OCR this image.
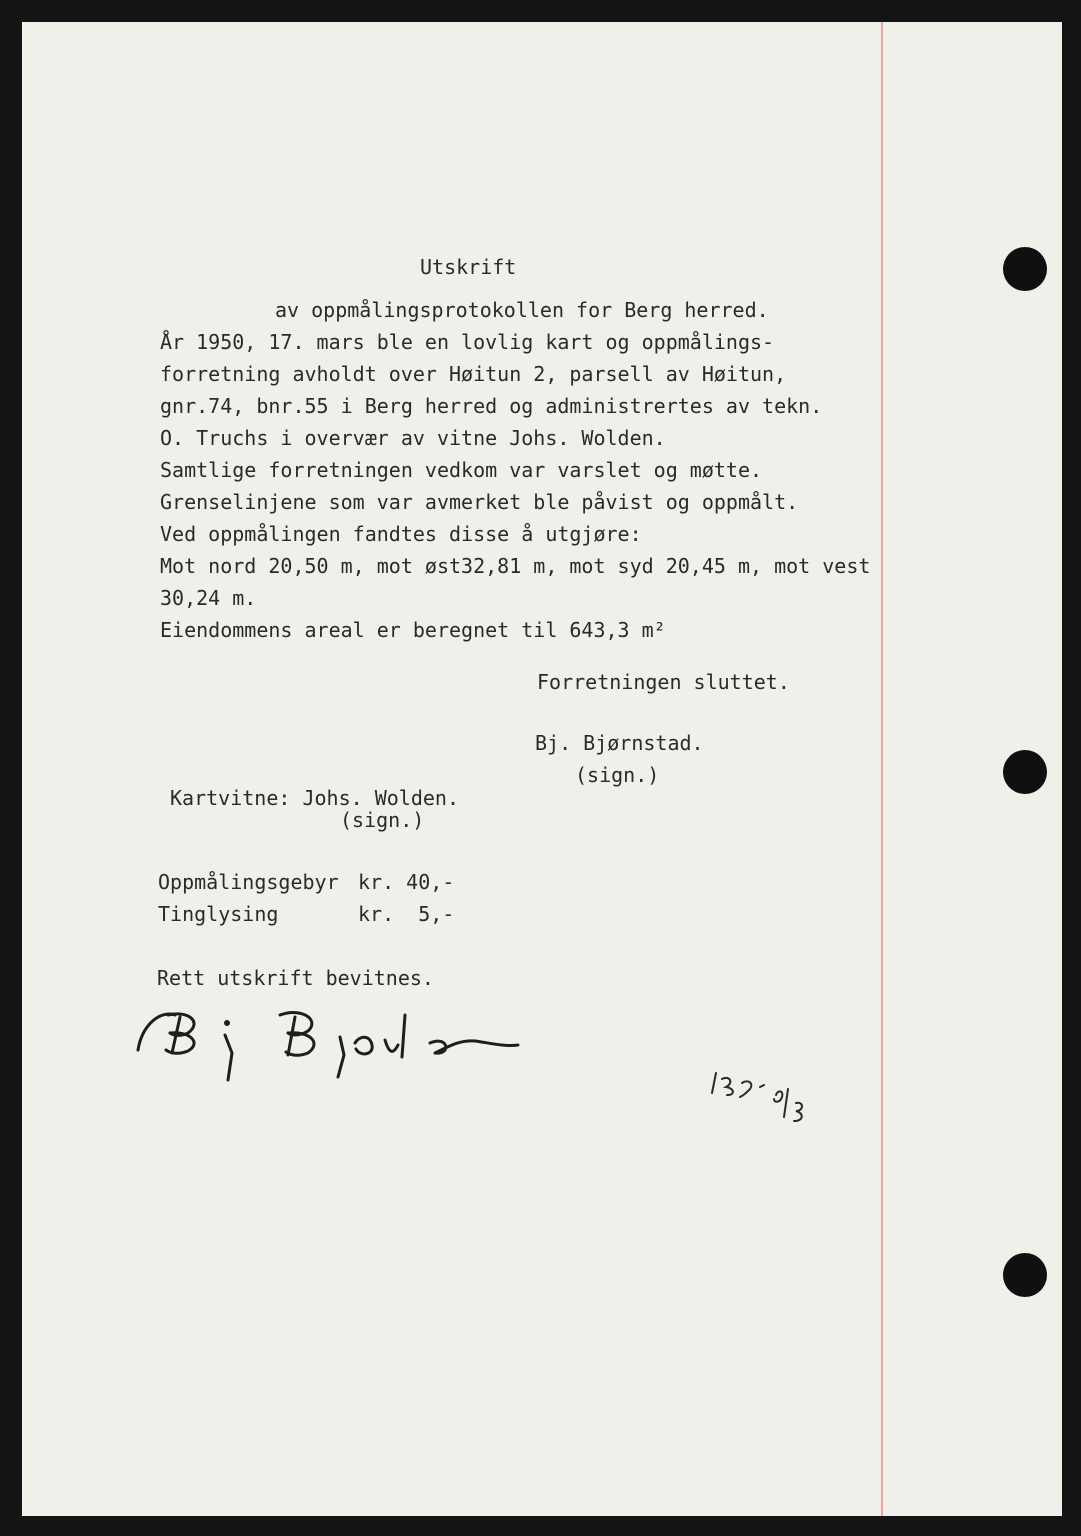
Utskrift

av oppmålingsprotokollen for Berg herred.

År 1950, 17. mars ble en lovlig kart og oppmålings-

forretning avholdt over Høitun 2, parsell av Høitun,

gnr.74, bnr.55 i Berg herred og administrertes av tekn.

O. Truchs i overvær av vitne Johs. Wolden.

Samtlige forretningen vedkom var varslet og møtte.

Grenselinjene som var avmerket ble påvist og oppmålt.

Ved oppmålingen fandtes disse å utgjøre:

Mot nord 20,50 m, mot øst32,81 m, mot syd 20,45 m, mot vest

30,24 m.

Eiendommens areal er beregnet til 643,3 m²

Forretningen sluttet.

Bj. Bjørnstad.

(sign.)

Kartvitne: Johs. Wolden.

(sign.)

Oppmålingsgebyr kr. 40,-

Tinglysing	kr.  5,-

Rett utskrift bevitnes.
